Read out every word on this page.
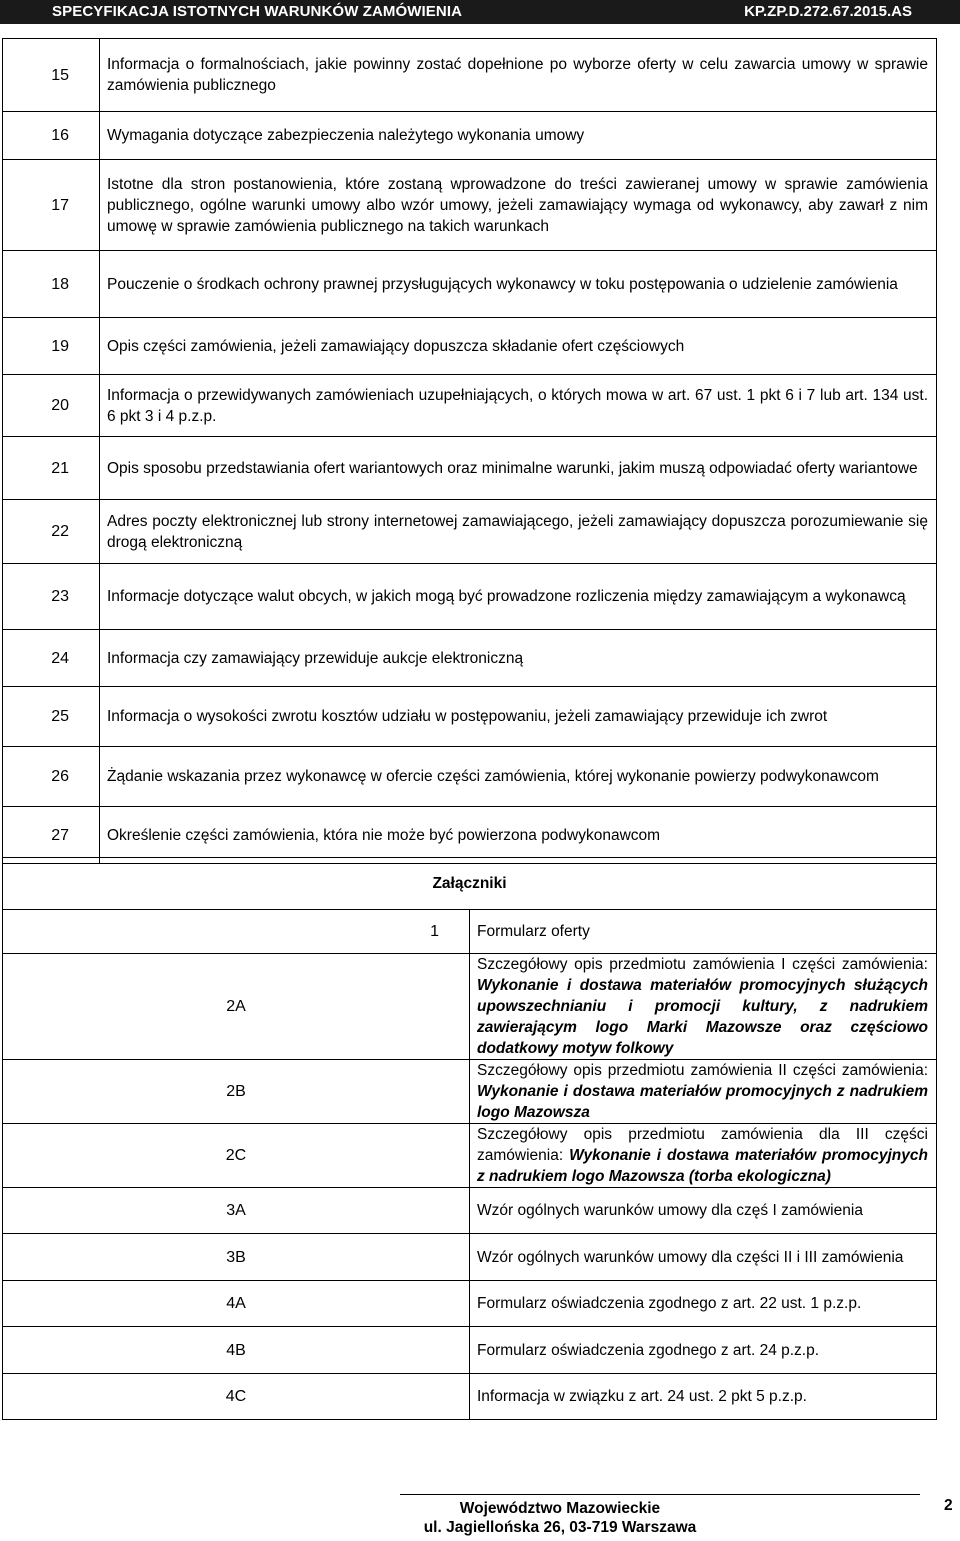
SPECYFIKACJA ISTOTNYCH WARUNKÓW ZAMÓWIENIA	KP.ZP.D.272.67.2015.AS
15	Informacja o formalnościach, jakie powinny zostać dopełnione po wyborze oferty w celu zawarcia umowy w sprawie zamówienia publicznego
16	Wymagania dotyczące zabezpieczenia należytego wykonania umowy
17	Istotne dla stron postanowienia, które zostaną wprowadzone do treści zawieranej umowy w sprawie zamówienia publicznego, ogólne warunki umowy albo wzór umowy, jeżeli zamawiający wymaga od wykonawcy, aby zawarł z nim umowę w sprawie zamówienia publicznego na takich warunkach
18	Pouczenie o środkach ochrony prawnej przysługujących wykonawcy w toku postępowania o udzielenie zamówienia
19	Opis części zamówienia, jeżeli zamawiający dopuszcza składanie ofert częściowych
20	Informacja o przewidywanych zamówieniach uzupełniających, o których mowa w art. 67 ust. 1 pkt 6 i 7 lub art. 134 ust. 6 pkt 3 i 4 p.z.p.
21	Opis sposobu przedstawiania ofert wariantowych oraz minimalne warunki, jakim muszą odpowiadać oferty wariantowe
22	Adres poczty elektronicznej lub strony internetowej zamawiającego, jeżeli zamawiający dopuszcza porozumiewanie się drogą elektroniczną
23	Informacje dotyczące walut obcych, w jakich mogą być prowadzone rozliczenia między zamawiającym a wykonawcą
24	Informacja czy zamawiający przewiduje aukcje elektroniczną
25	Informacja o wysokości zwrotu kosztów udziału w postępowaniu, jeżeli zamawiający przewiduje ich zwrot
26	Żądanie wskazania przez wykonawcę w ofercie części zamówienia, której wykonanie powierzy podwykonawcom
27	Określenie części zamówienia, która nie może być powierzona podwykonawcom
Załączniki	
1	Formularz oferty
2A	Szczegółowy opis przedmiotu zamówienia I części zamówienia: Wykonanie i dostawa materiałów promocyjnych służących upowszechnianiu i promocji kultury, z nadrukiem zawierającym logo Marki Mazowsze oraz częściowo dodatkowy motyw folkowy
2B	Szczegółowy opis przedmiotu zamówienia II części zamówienia: Wykonanie i dostawa materiałów promocyjnych z nadrukiem logo Mazowsza
2C	Szczegółowy opis przedmiotu zamówienia dla III części zamówienia: Wykonanie i dostawa materiałów promocyjnych z nadrukiem logo Mazowsza (torba ekologiczna)
3A	Wzór ogólnych warunków umowy dla częś I zamówienia
3B	Wzór ogólnych warunków umowy dla części II i III zamówienia
4A	Formularz oświadczenia zgodnego z art. 22 ust. 1 p.z.p.
4B	Formularz oświadczenia zgodnego z art. 24 p.z.p.
4C	Informacja w związku z art. 24 ust. 2 pkt 5 p.z.p.
Województwo Mazowieckie
ul. Jagiellońska 26, 03-719 Warszawa
2
